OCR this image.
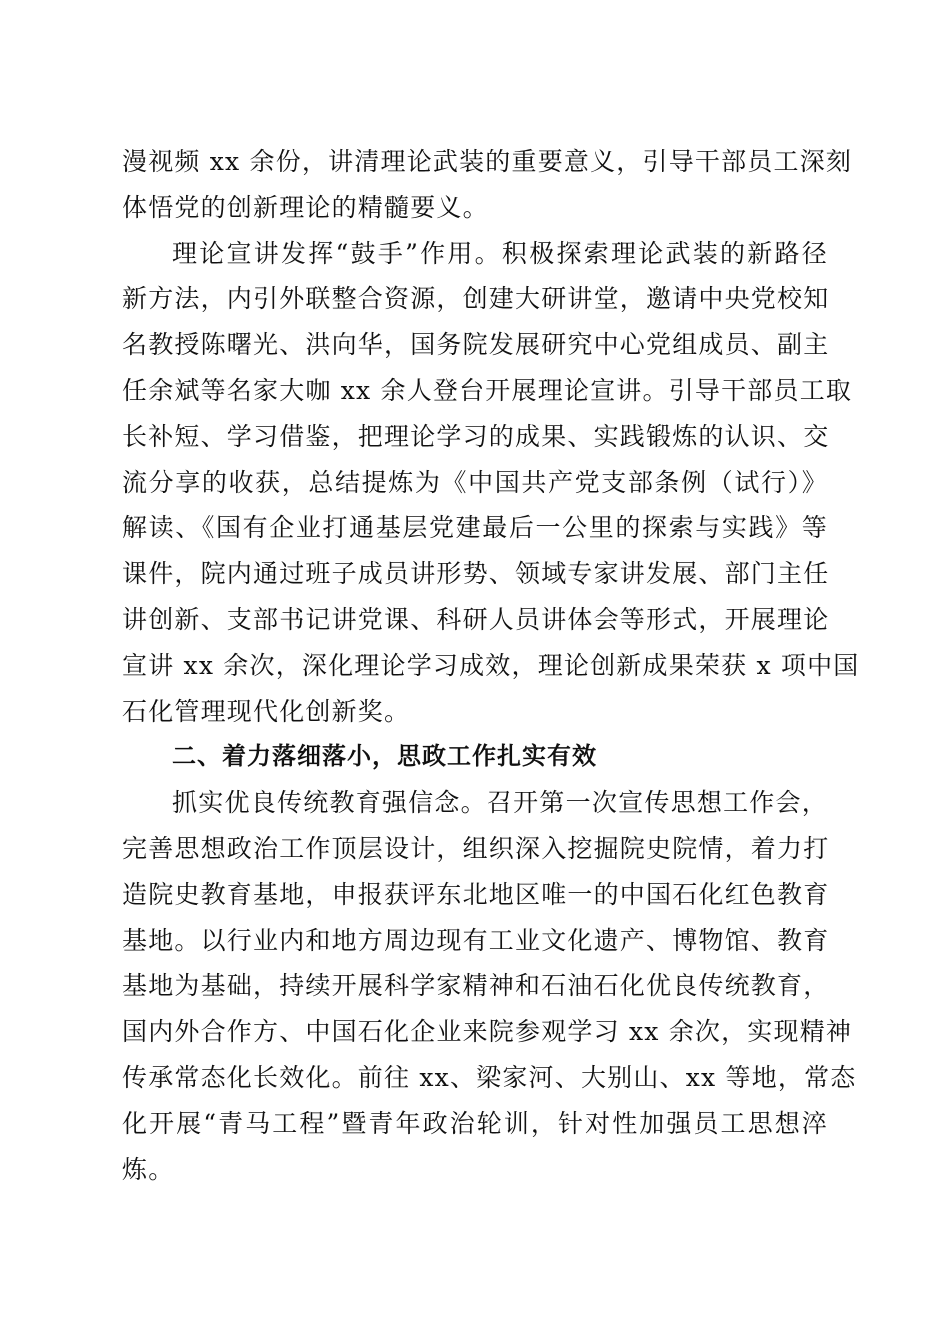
漫视频 xx 余份，讲清理论武装的重要意义，引导干部员工深刻
体悟党的创新理论的精髓要义。
理论宣讲发挥“鼓手”作用。积极探索理论武装的新路径
新方法，内引外联整合资源，创建大研讲堂，邀请中央党校知
名教授陈曙光、洪向华，国务院发展研究中心党组成员、副主
任余斌等名家大咖 xx 余人登台开展理论宣讲。引导干部员工取
长补短、学习借鉴，把理论学习的成果、实践锻炼的认识、交
流分享的收获，总结提炼为《中国共产党支部条例（试行）》
解读、《国有企业打通基层党建最后一公里的探索与实践》等
课件，院内通过班子成员讲形势、领域专家讲发展、部门主任
讲创新、支部书记讲党课、科研人员讲体会等形式，开展理论
宣讲 xx 余次，深化理论学习成效，理论创新成果荣获 x 项中国
石化管理现代化创新奖。
二、着力落细落小，思政工作扎实有效
抓实优良传统教育强信念。召开第一次宣传思想工作会，
完善思想政治工作顶层设计，组织深入挖掘院史院情，着力打
造院史教育基地，申报获评东北地区唯一的中国石化红色教育
基地。以行业内和地方周边现有工业文化遗产、博物馆、教育
基地为基础，持续开展科学家精神和石油石化优良传统教育，
国内外合作方、中国石化企业来院参观学习 xx 余次，实现精神
传承常态化长效化。前往 xx、梁家河、大别山、xx 等地，常态
化开展“青马工程”暨青年政治轮训，针对性加强员工思想淬
炼。
